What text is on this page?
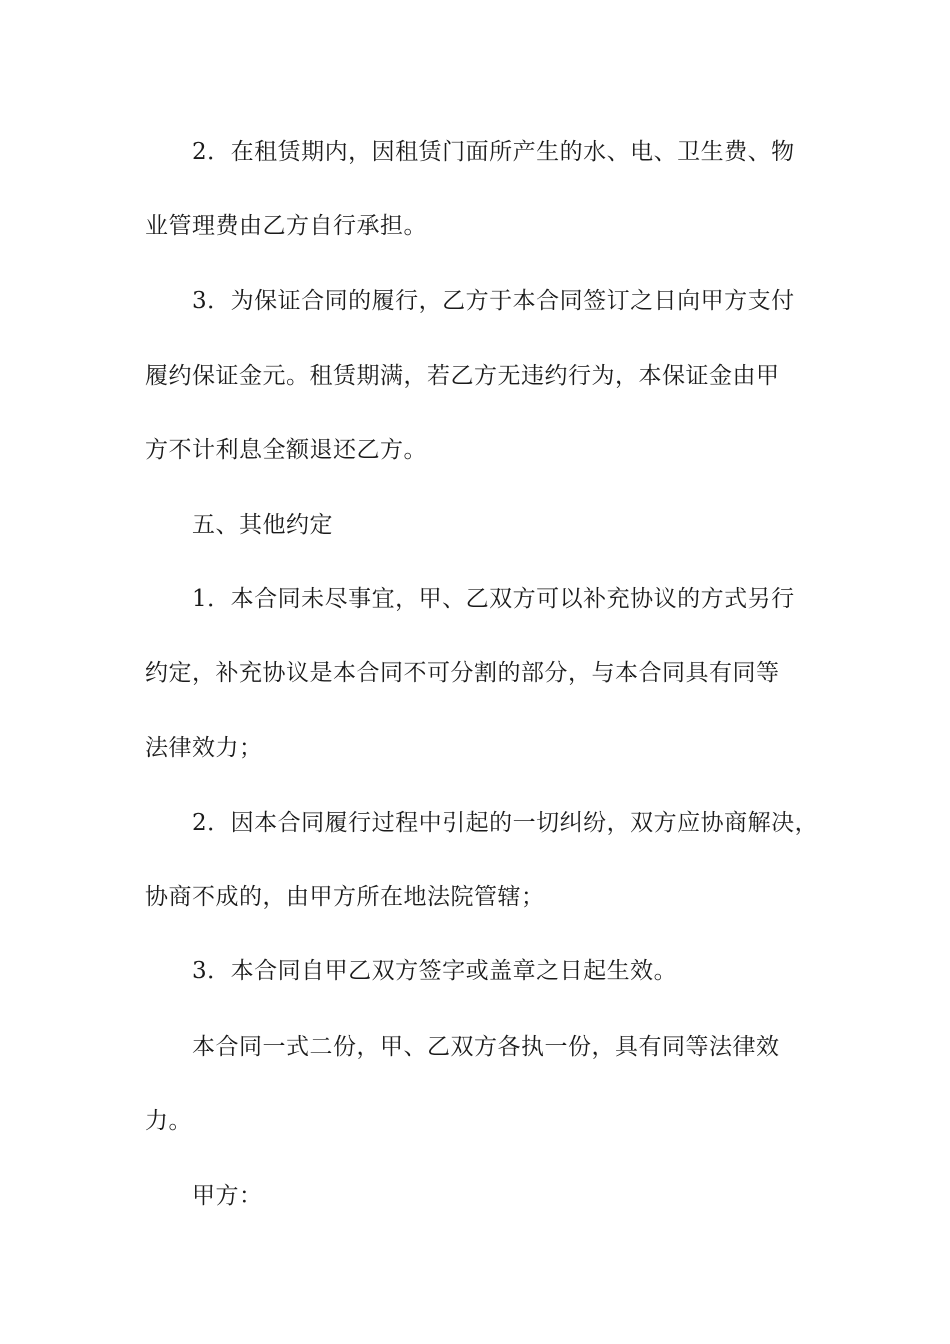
2．在租赁期内，因租赁门面所产生的水、电、卫生费、物
业管理费由乙方自行承担。
3．为保证合同的履行，乙方于本合同签订之日向甲方支付
履约保证金元。租赁期满，若乙方无违约行为，本保证金由甲
方不计利息全额退还乙方。
五、其他约定
1．本合同未尽事宜，甲、乙双方可以补充协议的方式另行
约定，补充协议是本合同不可分割的部分，与本合同具有同等
法律效力；
2．因本合同履行过程中引起的一切纠纷，双方应协商解决，
协商不成的，由甲方所在地法院管辖；
3．本合同自甲乙双方签字或盖章之日起生效。
本合同一式二份，甲、乙双方各执一份，具有同等法律效
力。
甲方：
